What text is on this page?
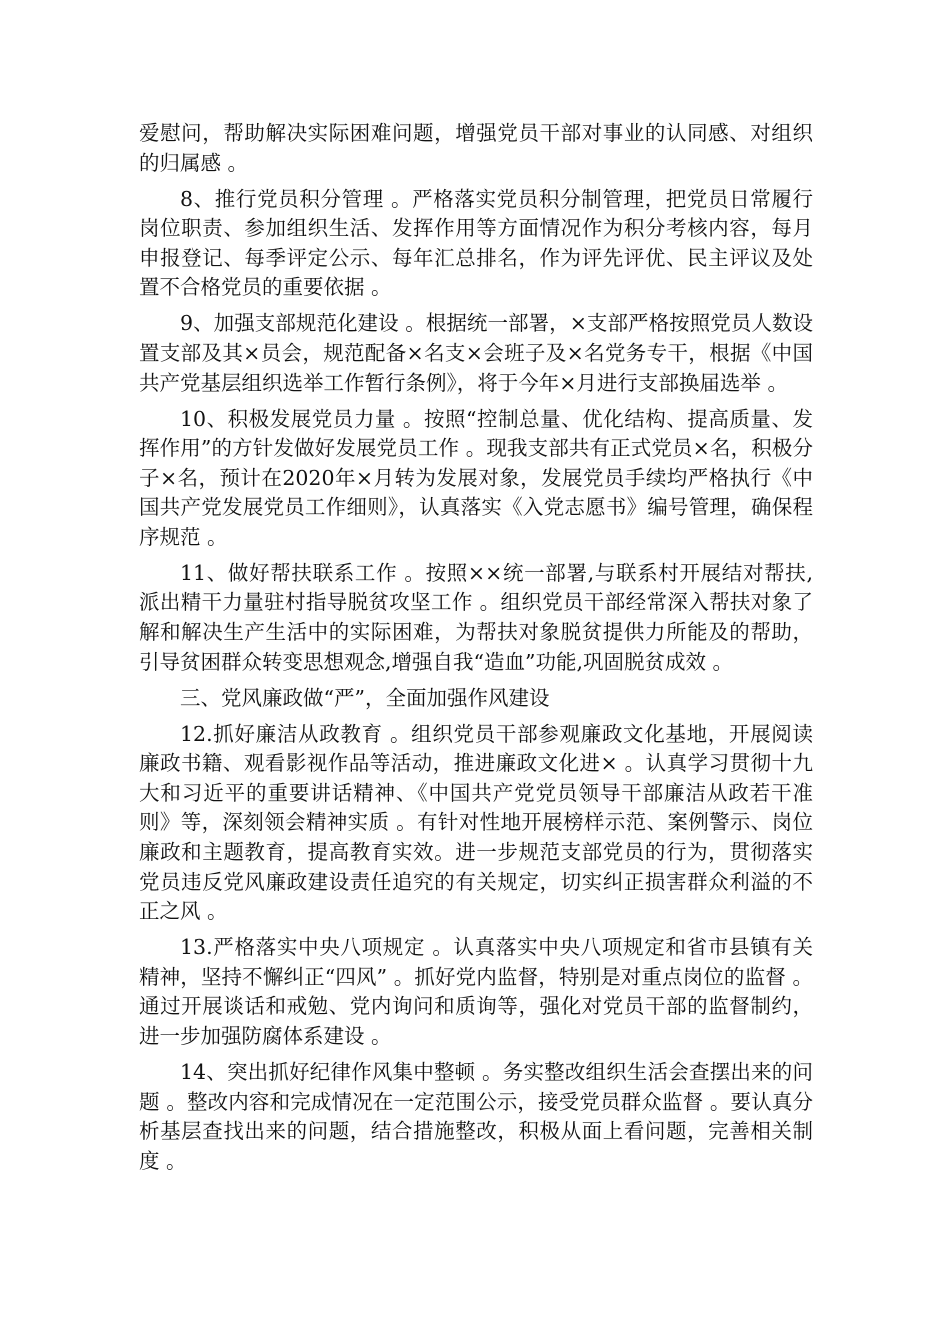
爱慰问，帮助解决实际困难问题，增强党员干部对事业的认同感、对组织的归属感 。

8、推行党员积分管理 。严格落实党员积分制管理，把党员日常履行岗位职责、参加组织生活、发挥作用等方面情况作为积分考核内容，每月申报登记、每季评定公示、每年汇总排名，作为评先评优、民主评议及处置不合格党员的重要依据 。

9、加强支部规范化建设 。根据统一部署，×支部严格按照党员人数设置支部及其×员会，规范配备×名支×会班子及×名党务专干，根据《中国共产党基层组织选举工作暂行条例》，将于今年×月进行支部换届选举 。

10、积极发展党员力量 。按照“控制总量、优化结构、提高质量、发挥作用”的方针发做好发展党员工作 。现我支部共有正式党员×名，积极分子×名，预计在2020年×月转为发展对象，发展党员手续均严格执行《中国共产党发展党员工作细则》，认真落实《入党志愿书》编号管理，确保程序规范 。

11、做好帮扶联系工作 。按照××统一部署,与联系村开展结对帮扶,派出精干力量驻村指导脱贫攻坚工作 。组织党员干部经常深入帮扶对象了解和解决生产生活中的实际困难，为帮扶对象脱贫提供力所能及的帮助，引导贫困群众转变思想观念,增强自我“造血”功能,巩固脱贫成效 。

三、党风廉政做“严”，全面加强作风建设

12.抓好廉洁从政教育 。组织党员干部参观廉政文化基地，开展阅读廉政书籍、观看影视作品等活动，推进廉政文化进× 。认真学习贯彻十九大和习近平的重要讲话精神、《中国共产党党员领导干部廉洁从政若干准则》等，深刻领会精神实质 。有针对性地开展榜样示范、案例警示、岗位廉政和主题教育，提高教育实效。进一步规范支部党员的行为，贯彻落实党员违反党风廉政建设责任追究的有关规定，切实纠正损害群众利溢的不正之风 。

13.严格落实中央八项规定 。认真落实中央八项规定和省市县镇有关精神，坚持不懈纠正“四风” 。抓好党内监督，特别是对重点岗位的监督 。通过开展谈话和戒勉、党内询问和质询等，强化对党员干部的监督制约，进一步加强防腐体系建设 。

14、突出抓好纪律作风集中整顿 。务实整改组织生活会查摆出来的问题 。整改内容和完成情况在一定范围公示，接受党员群众监督 。要认真分析基层查找出来的问题，结合措施整改，积极从面上看问题，完善相关制度 。
